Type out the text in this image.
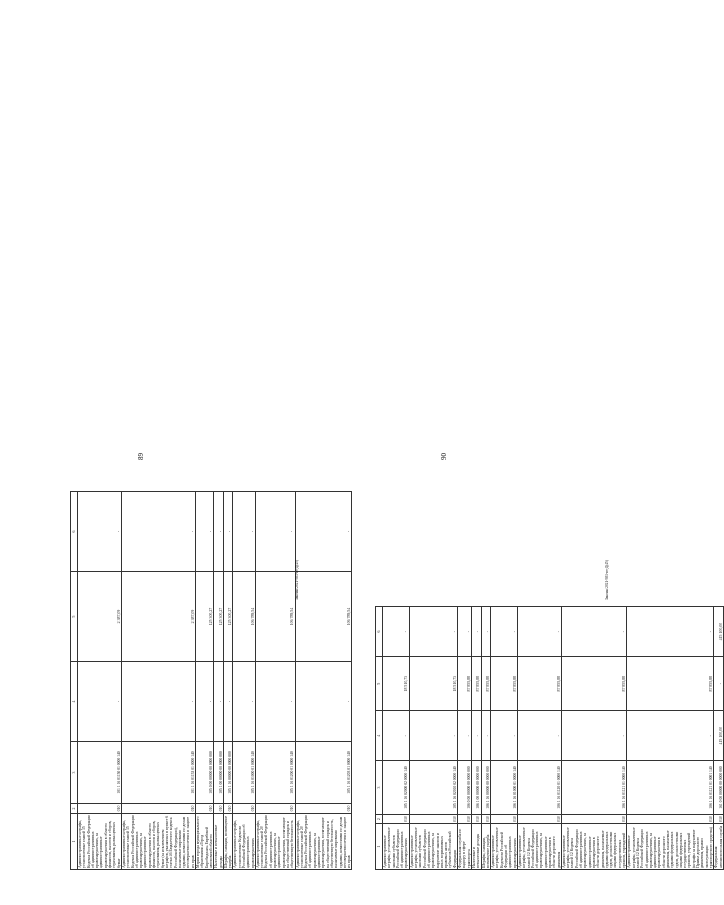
1	2	3	4	5	6
Административные штрафы, установленные главой 15 Кодекса Российской Федерации об административных правонарушениях, за административные правонарушения в области финансов, налогов и сборов, страхования, рынка ценных бумаг	010	101 1 16 01150 01 0000 140	-	2 387,09	-
Административные штрафы, установленные главой 15 Кодекса Российской Федерации об административных правонарушениях, за административные правонарушения в области финансов, налогов и сборов, страхования, рынка ценных бумаг (за исключением штрафов, указанных в пункте 6 статьи 46 Бюджетного кодекса Российской Федерации), налагаемые мировыми судьями, комиссиями по делам несовершеннолетних и защите их прав	010	101 1 16 01153 01 0000 140	-	2 387,09	-
Мэрия города муниципального образования «Город Биробиджан» Еврейской автономной области	010	105 0 00 00000 00 0000 000	-	125 300,27	-
Налоговые и неналоговые доходы	010	105 1 00 00000 00 0000 000	-	125 300,27	-
Штрафы, санкции, возмещение ущерба	010	105 1 16 00000 00 0000 000	-	125 300,27	-
Административные штрафы, установленные Кодексом Российской Федерации об административных правонарушениях	010	105 1 16 01000 01 0000 140	-	106 789,54	-
Административные штрафы, установленные главой 20 Кодекса Российской Федерации об административных правонарушениях, за административные правонарушения, посягающие на общественный порядок и общественную безопасность	010	105 1 16 01200 01 0000 140	-	106 789,54	-
Административные штрафы, установленные главой 20 Кодекса Российской Федерации об административных правонарушениях, за административные правонарушения, посягающие на общественный порядок и общественную безопасность, налагаемые мировыми судьями, комиссиями по делам несовершеннолетних и защите их прав	010	105 1 16 01203 01 0000 140	-	106 789,54	-
89
Законы/2021-581-пз-Д(45)
1	2	3	4	5	6
Административные штрафы, установленные законами субъектов Российской Федерации об административных правонарушениях	010	105 1 16 02000 02 0000 140	-	18 510,73	-
Административные штрафы, установленные законами субъектов Российской Федерации об административных правонарушениях, за нарушение законов и иных нормативных правовых актов субъектов Российской Федерации	010	105 1 16 02010 02 0000 140	-	18 510,73	-
Федеральная служба по надзору в сфере транспорта	010	106 0 00 00000 00 0000 000	-	87 855,88	-
Налоговые и неналоговые доходы	010	106 1 00 00000 00 0000 000	-	87 855,88	-
Штрафы, санкции, возмещение ущерба	010	106 1 16 00000 00 0000 000	-	87 855,88	-
Административные штрафы, установленные Кодексом Российской Федерации об административных правонарушениях	010	106 1 16 01000 01 0000 140	-	87 855,88	-
Административные штрафы, установленные главой 12 Кодекса Российской Федерации об административных правонарушениях, за административные правонарушения в области дорожного движения	010	106 1 16 01120 01 0000 140	-	87 855,88	-
Административные штрафы, установленные главой 12 Кодекса Российской Федерации об административных правонарушениях, за административные правонарушения в области дорожного движения, налагаемые судьями федеральных судов, должностными лицами федеральных государственных органов, учреждений	010	106 1 16 01121 01 0000 140	-	87 855,88	-
Административные штрафы, установленные главой 12 Кодекса Российской Федерации об административных правонарушениях, за административные правонарушения в области дорожного движения, налагаемые судьями федеральных судов, должностными лицами федеральных государственных органов, учреждений (штрафы за нарушение Правил дорожного движения, правил эксплуатации транспортного средства)	010	106 1 16 01121 01 0001 140	-	87 855,88	-
Федеральная антимонопольная служба	010	161 0 00 00000 00 0000 000	415 100,00	-	415 100,00
90
Законы/2021-581-пз-Д(45)
